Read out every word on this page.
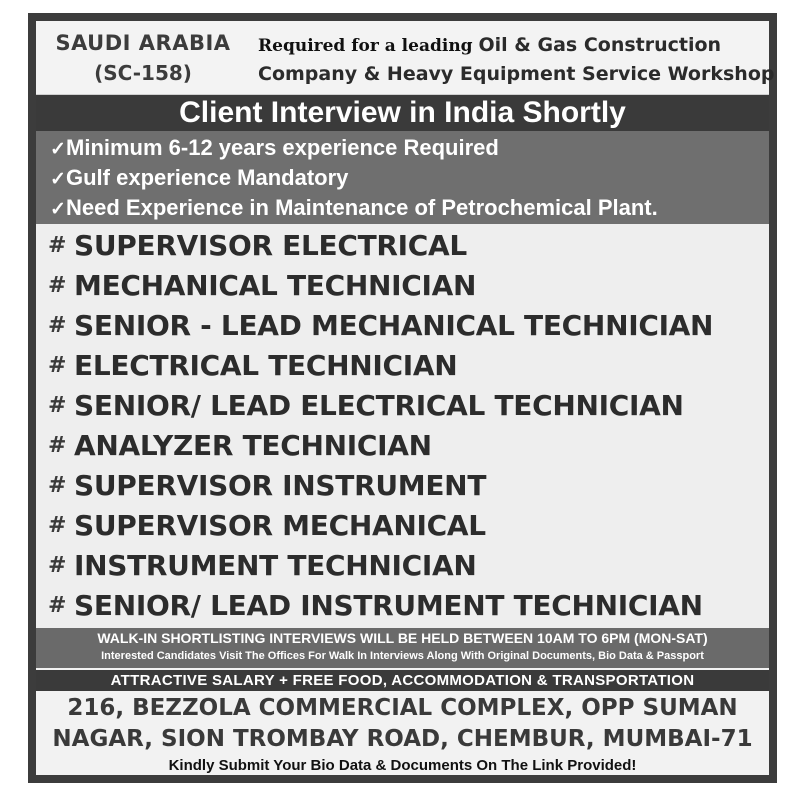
SAUDI ARABIA
(SC-158)
Required for a leading Oil & Gas Construction
Company & Heavy Equipment Service Workshop
Client Interview in India Shortly
✓Minimum 6-12 years experience Required
✓Gulf experience Mandatory
✓Need Experience in Maintenance of Petrochemical Plant.
# SUPERVISOR ELECTRICAL
# MECHANICAL TECHNICIAN
# SENIOR - LEAD MECHANICAL TECHNICIAN
# ELECTRICAL TECHNICIAN
# SENIOR/ LEAD ELECTRICAL TECHNICIAN
# ANALYZER TECHNICIAN
# SUPERVISOR INSTRUMENT
# SUPERVISOR MECHANICAL
# INSTRUMENT TECHNICIAN
# SENIOR/ LEAD INSTRUMENT TECHNICIAN
WALK-IN SHORTLISTING INTERVIEWS WILL BE HELD BETWEEN 10AM TO 6PM (MON-SAT)
Interested Candidates Visit The Offices For Walk In Interviews Along With Original Documents, Bio Data & Passport
ATTRACTIVE SALARY + FREE FOOD, ACCOMMODATION & TRANSPORTATION
216, BEZZOLA COMMERCIAL COMPLEX, OPP SUMAN
NAGAR, SION TROMBAY ROAD, CHEMBUR, MUMBAI-71
Kindly Submit Your Bio Data & Documents On The Link Provided!
